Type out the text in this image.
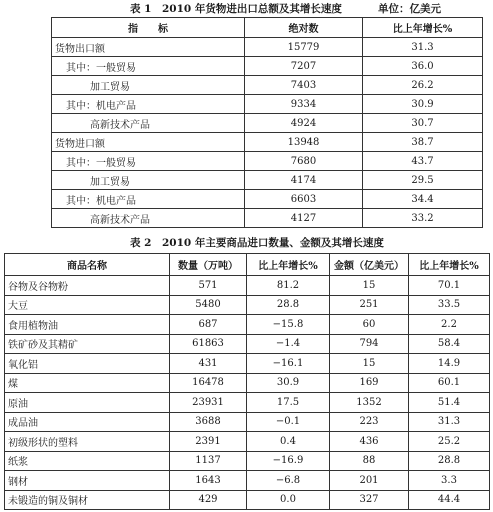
表 1　2010 年货物进出口总额及其增长速度	单位：亿美元
指　　标	绝对数	比上年增长%
货物出口额	15779	31.3
其中：一般贸易	7207	36.0
加工贸易	7403	26.2
其中：机电产品	9334	30.9
高新技术产品	4924	30.7
货物进口额	13948	38.7
其中：一般贸易	7680	43.7
加工贸易	4174	29.5
其中：机电产品	6603	34.4
高新技术产品	4127	33.2
表 2　2010 年主要商品进口数量、金额及其增长速度
商品名称	数量（万吨）	比上年增长%	金额（亿美元）	比上年增长%
谷物及谷物粉	571	81.2	15	70.1
大豆	5480	28.8	251	33.5
食用植物油	687	−15.8	60	2.2
铁矿砂及其精矿	61863	−1.4	794	58.4
氧化铝	431	−16.1	15	14.9
煤	16478	30.9	169	60.1
原油	23931	17.5	1352	51.4
成品油	3688	−0.1	223	31.3
初级形状的塑料	2391	0.4	436	25.2
纸浆	1137	−16.9	88	28.8
钢材	1643	−6.8	201	3.3
未锻造的铜及铜材	429	0.0	327	44.4
